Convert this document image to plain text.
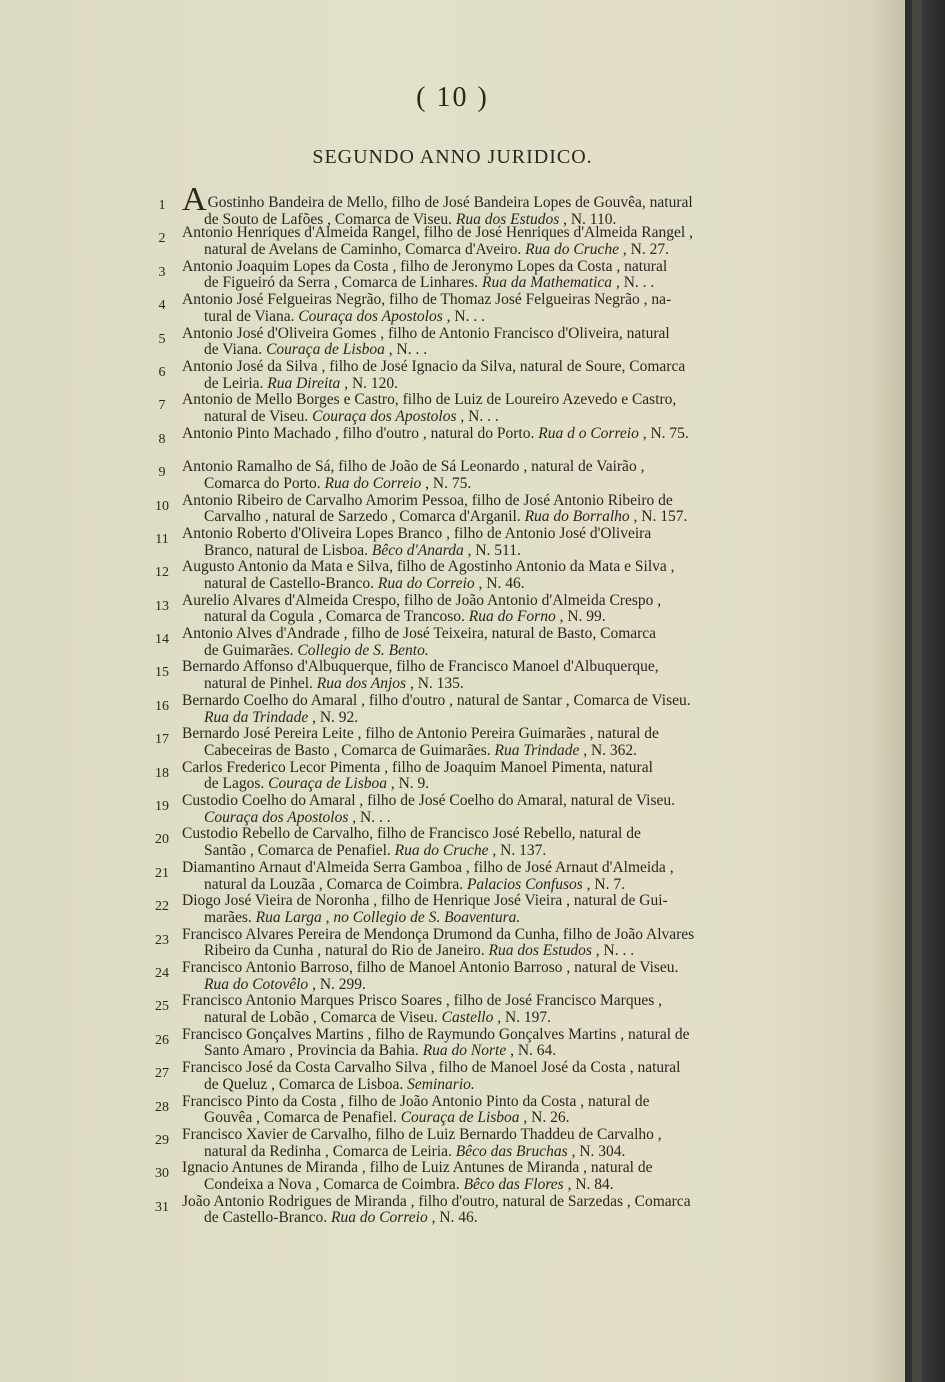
( 10 )
SEGUNDO ANNO JURIDICO.
1 AGostinho Bandeira de Mello, filho de José Bandeira Lopes de Gouvêa, natural
de Souto de Lafões , Comarca de Viseu. Rua dos Estudos , N. 110.
2	Antonio Henriques d'Almeida Rangel, filho de José Henriques d'Almeida Rangel ,
natural de Avelans de Caminho, Comarca d'Aveiro. Rua do Cruche , N. 27.
3	Antonio Joaquim Lopes da Costa , filho de Jeronymo Lopes da Costa , natural
de Figueiró da Serra , Comarca de Linhares. Rua da Mathematica , N. . .
4	Antonio José Felgueiras Negrão, filho de Thomaz José Felgueiras Negrão , na-
tural de Viana. Couraça dos Apostolos , N. . .
5	Antonio José d'Oliveira Gomes , filho de Antonio Francisco d'Oliveira, natural
de Viana. Couraça de Lisboa , N. . .
6	Antonio José da Silva , filho de José Ignacio da Silva, natural de Soure, Comarca
de Leiria. Rua Direita , N. 120.
7	Antonio de Mello Borges e Castro, filho de Luiz de Loureiro Azevedo e Castro,
natural de Viseu. Couraça dos Apostolos , N. . .
8	Antonio Pinto Machado , filho d'outro , natural do Porto. Rua d o Correio , N. 75.
9	Antonio Ramalho de Sá, filho de João de Sá Leonardo , natural de Vairão ,
Comarca do Porto. Rua do Correio , N. 75.
10 Antonio Ribeiro de Carvalho Amorim Pessoa, filho de José Antonio Ribeiro de
Carvalho , natural de Sarzedo , Comarca d'Arganil. Rua do Borralho , N. 157.
11 Antonio Roberto d'Oliveira Lopes Branco , filho de Antonio José d'Oliveira
Branco, natural de Lisboa. Bêco d'Anarda , N. 511.
12 Augusto Antonio da Mata e Silva, filho de Agostinho Antonio da Mata e Silva ,
natural de Castello-Branco. Rua do Correio , N. 46.
13 Aurelio Alvares d'Almeida Crespo, filho de João Antonio d'Almeida Crespo ,
natural da Cogula , Comarca de Trancoso. Rua do Forno , N. 99.
14 Antonio Alves d'Andrade , filho de José Teixeira, natural de Basto, Comarca
de Guimarães. Collegio de S. Bento.
15 Bernardo Affonso d'Albuquerque, filho de Francisco Manoel d'Albuquerque,
natural de Pinhel. Rua dos Anjos , N. 135.
16 Bernardo Coelho do Amaral , filho d'outro , natural de Santar , Comarca de Viseu.
Rua da Trindade , N. 92.
17 Bernardo José Pereira Leite , filho de Antonio Pereira Guimarães , natural de
Cabeceiras de Basto , Comarca de Guimarães. Rua Trindade , N. 362.
18 Carlos Frederico Lecor Pimenta , filho de Joaquim Manoel Pimenta, natural
de Lagos. Couraça de Lisboa , N. 9.
19 Custodio Coelho do Amaral , filho de José Coelho do Amaral, natural de Viseu.
Couraça dos Apostolos , N. . .
20 Custodio Rebello de Carvalho, filho de Francisco José Rebello, natural de
Santão , Comarca de Penafiel. Rua do Cruche , N. 137.
21 Diamantino Arnaut d'Almeida Serra Gamboa , filho de José Arnaut d'Almeida ,
natural da Louzãa , Comarca de Coimbra. Palacios Confusos , N. 7.
22 Diogo José Vieira de Noronha , filho de Henrique José Vieira , natural de Gui-
marães. Rua Larga , no Collegio de S. Boaventura.
23 Francisco Alvares Pereira de Mendonça Drumond da Cunha, filho de João Alvares
Ribeiro da Cunha , natural do Rio de Janeiro. Rua dos Estudos , N. . .
24 Francisco Antonio Barroso, filho de Manoel Antonio Barroso , natural de Viseu.
Rua do Cotovêlo , N. 299.
25 Francisco Antonio Marques Prisco Soares , filho de José Francisco Marques ,
natural de Lobão , Comarca de Viseu. Castello , N. 197.
26 Francisco Gonçalves Martins , filho de Raymundo Gonçalves Martins , natural de
Santo Amaro , Provincia da Bahia. Rua do Norte , N. 64.
27 Francisco José da Costa Carvalho Silva , filho de Manoel José da Costa , natural
de Queluz , Comarca de Lisboa. Seminario.
28 Francisco Pinto da Costa , filho de João Antonio Pinto da Costa , natural de
Gouvêa , Comarca de Penafiel. Couraça de Lisboa , N. 26.
29 Francisco Xavier de Carvalho, filho de Luiz Bernardo Thaddeu de Carvalho ,
natural da Redinha , Comarca de Leiria. Bêco das Bruchas , N. 304.
30 Ignacio Antunes de Miranda , filho de Luiz Antunes de Miranda , natural de
Condeixa a Nova , Comarca de Coimbra. Bêco das Flores , N. 84.
31 João Antonio Rodrigues de Miranda , filho d'outro, natural de Sarzedas , Comarca
de Castello-Branco. Rua do Correio , N. 46.
